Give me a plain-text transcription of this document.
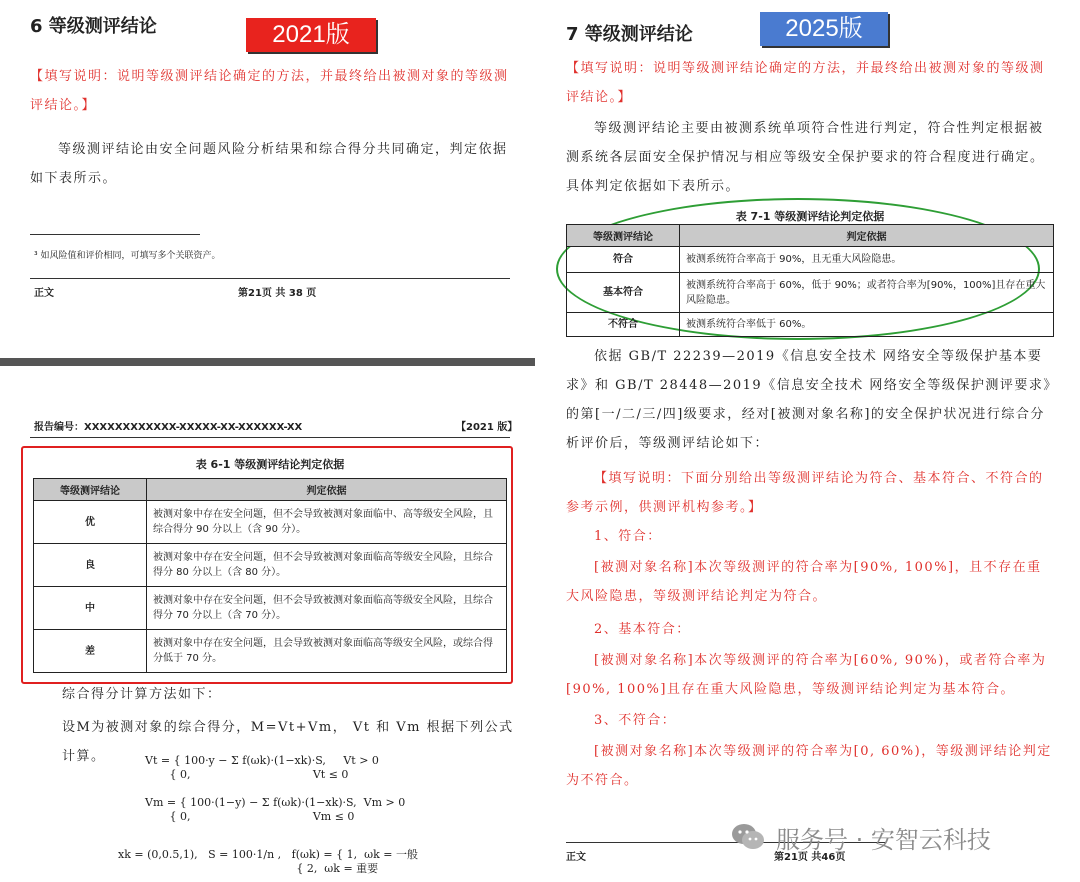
6 等级测评结论	2021版
【填写说明：说明等级测评结论确定的方法，并最终给出被测对象的等级测评结论。】
等级测评结论由安全问题风险分析结果和综合得分共同确定，判定依据如下表所示。
³ 如风险值和评价相同，可填写多个关联资产。
正文	第21页 共 38 页
报告编号：XXXXXXXXXXXX-XXXXX-XX-XXXXXX-XX	【2021 版】
表 6-1 等级测评结论判定依据
等级测评结论	判定依据
优	被测对象中存在安全问题，但不会导致被测对象面临中、高等级安全风险，且综合得分 90 分以上（含 90 分）。
良	被测对象中存在安全问题，但不会导致被测对象面临高等级安全风险，且综合得分 80 分以上（含 80 分）。
中	被测对象中存在安全问题，但不会导致被测对象面临高等级安全风险，且综合得分 70 分以上（含 70 分）。
差	被测对象中存在安全问题，且会导致被测对象面临高等级安全风险，或综合得分低于 70 分。
综合得分计算方法如下：
设M为被测对象的综合得分，M=Vt+Vm， Vt 和 Vm 根据下列公式计算。	Vt = { 100·y − Σ f(ωk)·(1−xk)·S,     Vt > 0
{ 0,                                   Vt ≤ 0
Vm = { 100·(1−y) − Σ f(ωk)·(1−xk)·S,  Vm > 0
{ 0,                                   Vm ≤ 0
xk = (0,0.5,1),   S = 100·1/n ,   f(ωk) = { 1,  ωk = 一般
{ 2,  ωk = 重要
7 等级测评结论	2025版
【填写说明：说明等级测评结论确定的方法，并最终给出被测对象的等级测评结论。】
等级测评结论主要由被测系统单项符合性进行判定，符合性判定根据被测系统各层面安全保护情况与相应等级安全保护要求的符合程度进行确定。具体判定依据如下表所示。
表 7-1 等级测评结论判定依据
等级测评结论	判定依据
符合	被测系统符合率高于 90%，且无重大风险隐患。
基本符合	被测系统符合率高于 60%，低于 90%；或者符合率为[90%，100%]且存在重大风险隐患。
不符合	被测系统符合率低于 60%。
依据 GB/T 22239—2019《信息安全技术 网络安全等级保护基本要求》和 GB/T 28448—2019《信息安全技术 网络安全等级保护测评要求》的第[一/二/三/四]级要求，经对[被测对象名称]的安全保护状况进行综合分析评价后，等级测评结论如下：
【填写说明：下面分别给出等级测评结论为符合、基本符合、不符合的参考示例，供测评机构参考。】
1、符合：
[被测对象名称]本次等级测评的符合率为[90%, 100%]，且不存在重大风险隐患，等级测评结论判定为符合。
2、基本符合：
[被测对象名称]本次等级测评的符合率为[60%, 90%)，或者符合率为[90%, 100%]且存在重大风险隐患，等级测评结论判定为基本符合。
3、不符合：
[被测对象名称]本次等级测评的符合率为[0, 60%)，等级测评结论判定为不符合。
正文	第21页 共46页
服务号 · 安智云科技
